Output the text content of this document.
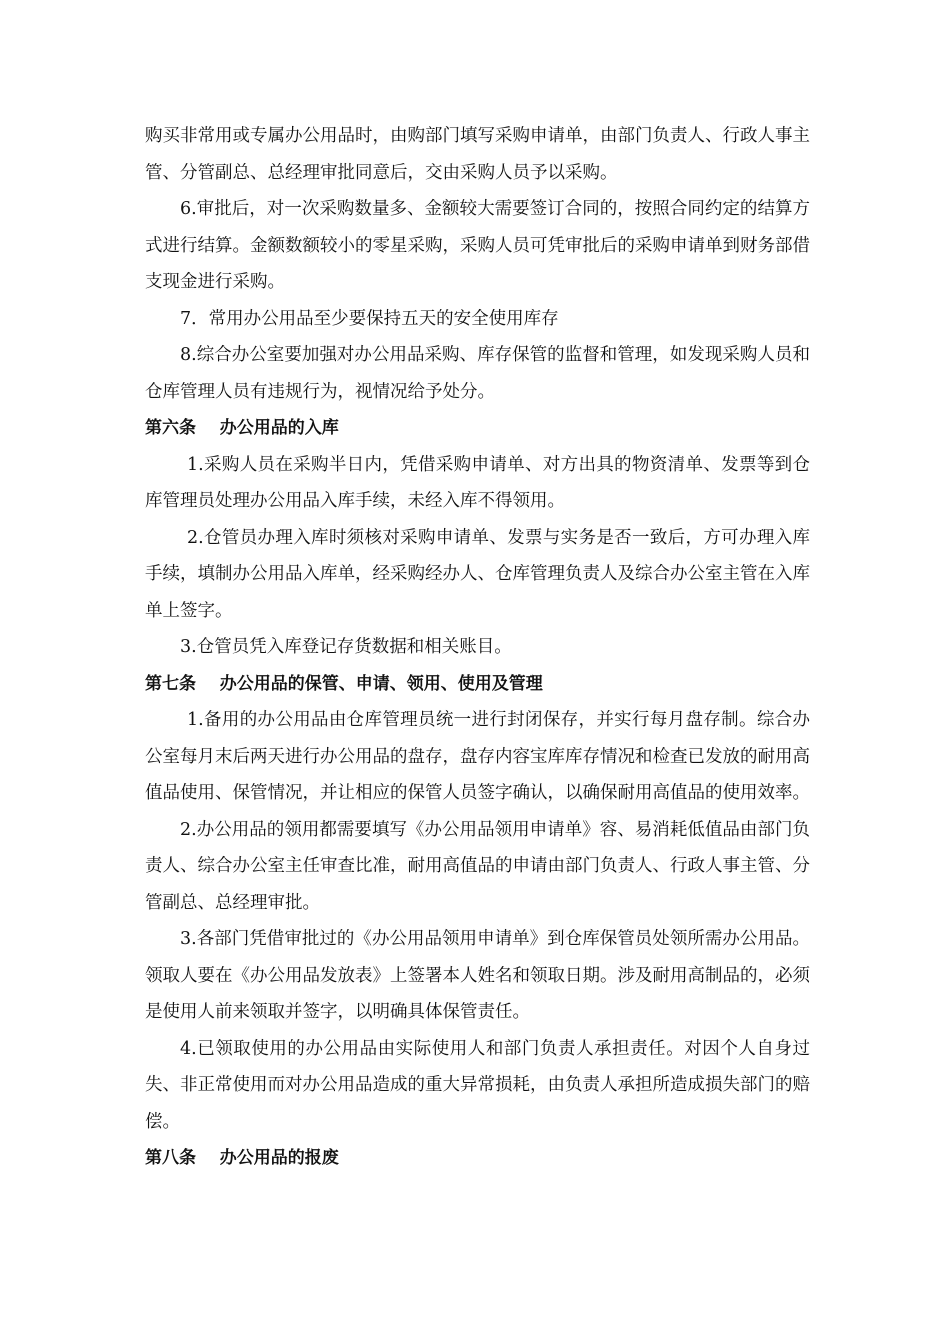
购买非常用或专属办公用品时，由购部门填写采购申请单，由部门负责人、行政人事主管、分管副总、总经理审批同意后，交由采购人员予以采购。

6.审批后，对一次采购数量多、金额较大需要签订合同的，按照合同约定的结算方式进行结算。金额数额较小的零星采购，采购人员可凭审批后的采购申请单到财务部借支现金进行采购。

7．常用办公用品至少要保持五天的安全使用库存

8.综合办公室要加强对办公用品采购、库存保管的监督和管理，如发现采购人员和仓库管理人员有违规行为，视情况给予处分。

第六条 办公用品的入库

1.采购人员在采购半日内，凭借采购申请单、对方出具的物资清单、发票等到仓库管理员处理办公用品入库手续，未经入库不得领用。

2.仓管员办理入库时须核对采购申请单、发票与实务是否一致后，方可办理入库手续，填制办公用品入库单，经采购经办人、仓库管理负责人及综合办公室主管在入库单上签字。

3.仓管员凭入库登记存货数据和相关账目。

第七条 办公用品的保管、申请、领用、使用及管理

1.备用的办公用品由仓库管理员统一进行封闭保存，并实行每月盘存制。综合办公室每月末后两天进行办公用品的盘存，盘存内容宝库库存情况和检查已发放的耐用高值品使用、保管情况，并让相应的保管人员签字确认，以确保耐用高值品的使用效率。

2.办公用品的领用都需要填写《办公用品领用申请单》容、易消耗低值品由部门负责人、综合办公室主任审查比准，耐用高值品的申请由部门负责人、行政人事主管、分管副总、总经理审批。

3.各部门凭借审批过的《办公用品领用申请单》到仓库保管员处领所需办公用品。领取人要在《办公用品发放表》上签署本人姓名和领取日期。涉及耐用高制品的，必须是使用人前来领取并签字，以明确具体保管责任。

4.已领取使用的办公用品由实际使用人和部门负责人承担责任。对因个人自身过失、非正常使用而对办公用品造成的重大异常损耗，由负责人承担所造成损失部门的赔偿。

第八条 办公用品的报废
